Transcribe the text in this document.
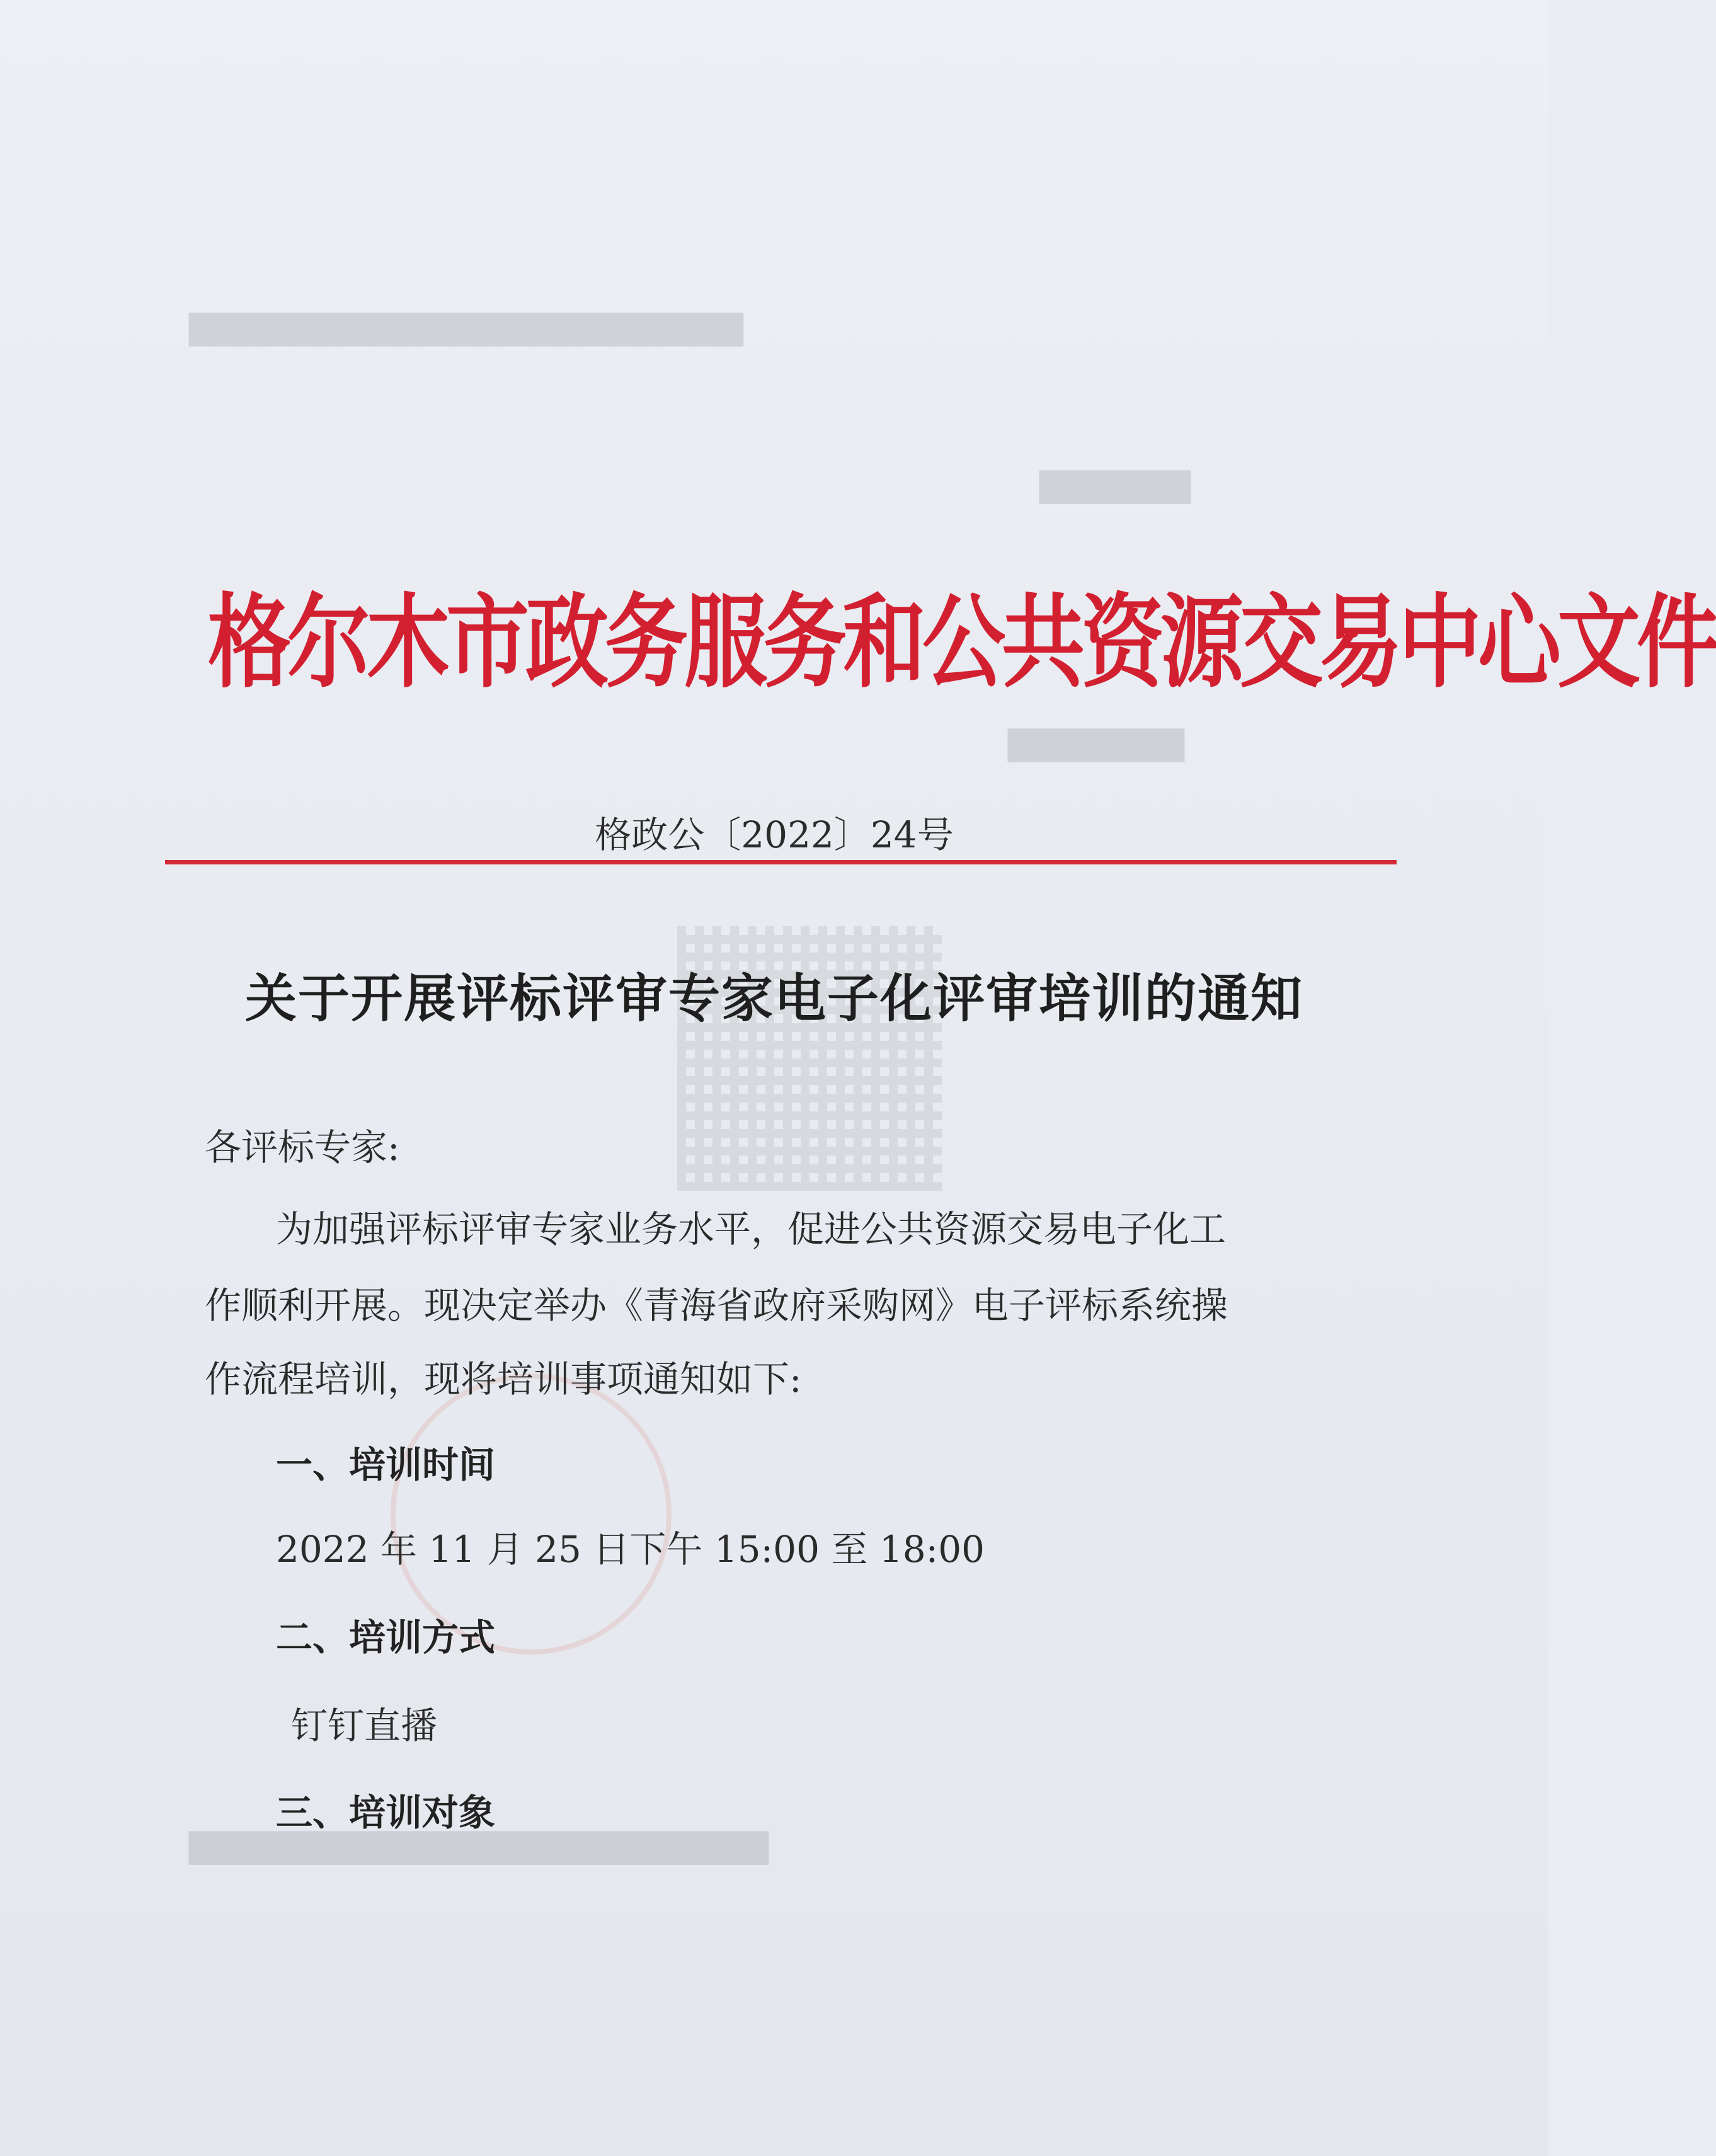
▇▇▇▇▇▇▇▇▇▇▇▇▇▇▇▇▇▇▇▇▇▇
▇▇▇▇▇▇
▇▇▇▇▇▇▇
▇▇▇▇▇▇▇▇▇▇▇▇▇▇▇▇▇▇▇▇▇▇▇
格尔木市政务服务和公共资源交易中心文件
格政公〔2022〕24号
关于开展评标评审专家电子化评审培训的通知
各评标专家:
为加强评标评审专家业务水平，促进公共资源交易电子化工
作顺利开展。现决定举办《青海省政府采购网》电子评标系统操
作流程培训，现将培训事项通知如下:
一、培训时间
2022 年 11 月 25 日下午 15:00 至 18:00
二、培训方式
钉钉直播
三、培训对象
